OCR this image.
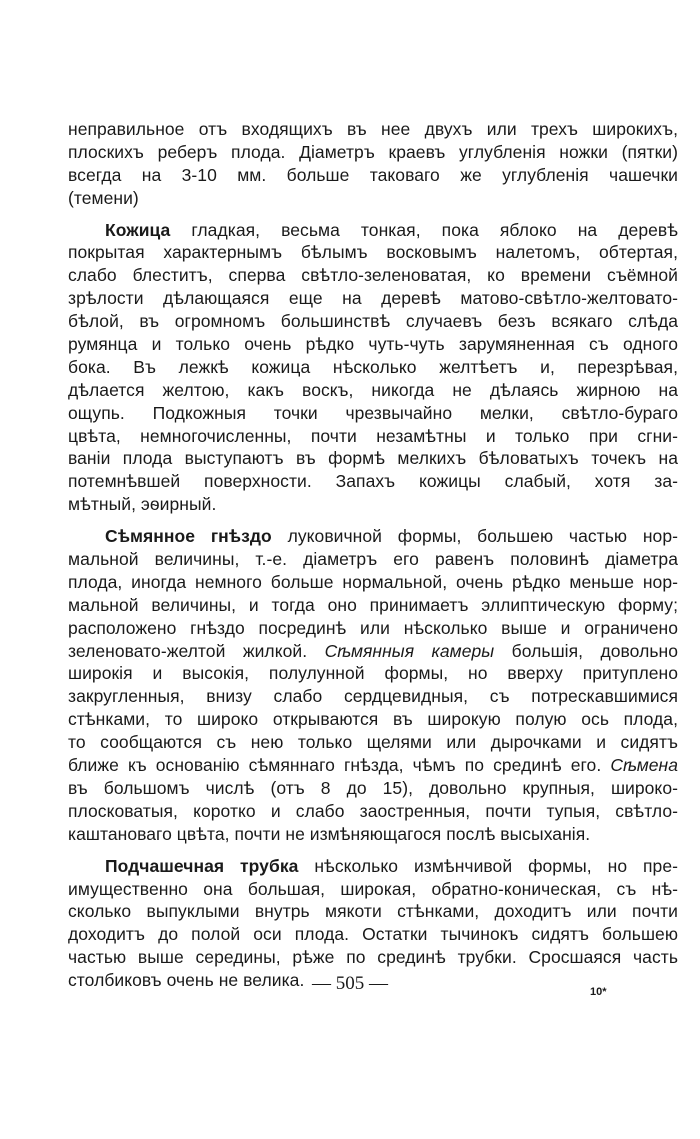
неправильное отъ входящихъ въ нее двухъ или трехъ широкихъ,
плоскихъ реберъ плода. Діаметръ краевъ углубленія ножки (пятки)
всегда на 3-10 мм. больше таковаго же углубленія чашечки
(темени)
Кожица гладкая, весьма тонкая, пока яблоко на деревѣ
покрытая характернымъ бѣлымъ восковымъ налетомъ, обтертая,
слабо блеститъ, сперва свѣтло-зеленоватая, ко времени съёмной
зрѣлости дѣлающаяся еще на деревѣ матово-свѣтло-желтовато-
бѣлой, въ огромномъ большинствѣ случаевъ безъ всякаго слѣда
румянца и только очень рѣдко чуть-чуть зарумяненная съ одного
бока. Въ лежкѣ кожица нѣсколько желтѣетъ и, перезрѣвая,
дѣлается желтою, какъ воскъ, никогда не дѣлаясь жирною на
ощупь. Подкожныя точки чрезвычайно мелки, свѣтло-бураго
цвѣта, немногочисленны, почти незамѣтны и только при сгни-
ваніи плода выступаютъ въ формѣ мелкихъ бѣловатыхъ точекъ на
потемнѣвшей поверхности. Запахъ кожицы слабый, хотя за-
мѣтный, эѳирный.
Сѣмянное гнѣздо луковичной формы, большею частью нор-
мальной величины, т.-е. діаметръ его равенъ половинѣ діаметра
плода, иногда немного больше нормальной, очень рѣдко меньше нор-
мальной величины, и тогда оно принимаетъ эллиптическую форму;
расположено гнѣздо посрединѣ или нѣсколько выше и ограничено
зеленовато-желтой жилкой. Сѣмянныя камеры большія, довольно
широкія и высокія, полулунной формы, но вверху притуплено
закругленныя, внизу слабо сердцевидныя, съ потрескавшимися
стѣнками, то широко открываются въ широкую полую ось плода,
то сообщаются съ нею только щелями или дырочками и сидятъ
ближе къ основанію сѣмяннаго гнѣзда, чѣмъ по срединѣ его. Сѣмена
въ большомъ числѣ (отъ 8 до 15), довольно крупныя, широко-
плосковатыя, коротко и слабо заостренныя, почти тупыя, свѣтло-
каштановаго цвѣта, почти не измѣняющагося послѣ высыханія.
Подчашечная трубка нѣсколько измѣнчивой формы, но пре-
имущественно она большая, широкая, обратно-коническая, съ нѣ-
сколько выпуклыми внутрь мякоти стѣнками, доходитъ или почти
доходитъ до полой оси плода. Остатки тычинокъ сидятъ большею
частью выше середины, рѣже по срединѣ трубки. Сросшаяся часть
столбиковъ очень не велика. — 505 —	10*
